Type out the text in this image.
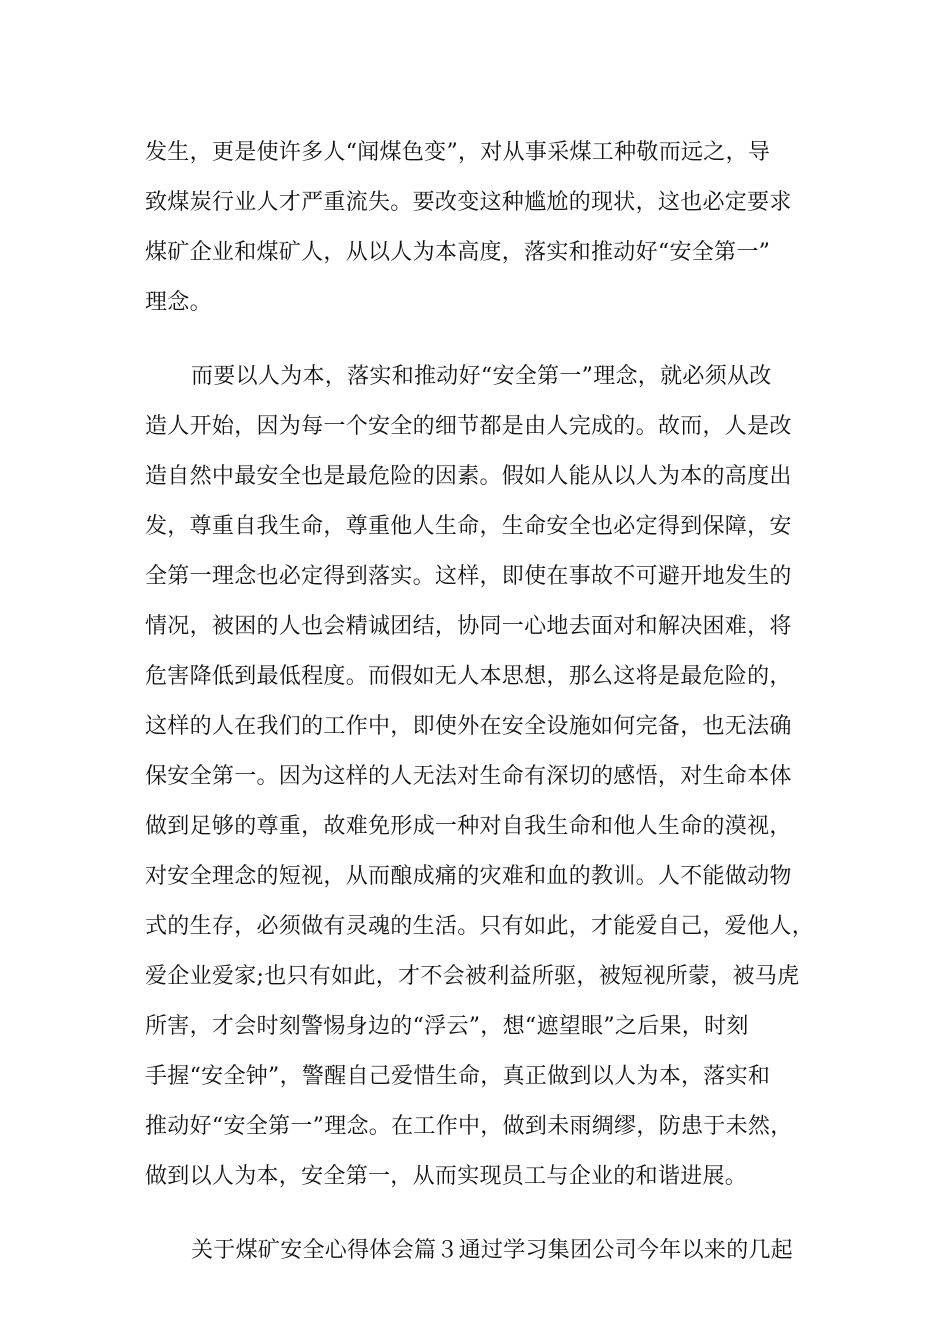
发生，更是使许多人“闻煤色变”，对从事采煤工种敬而远之，导
致煤炭行业人才严重流失。要改变这种尴尬的现状，这也必定要求
煤矿企业和煤矿人，从以人为本高度，落实和推动好“安全第一”
理念。
而要以人为本，落实和推动好“安全第一”理念，就必须从改
造人开始，因为每一个安全的细节都是由人完成的。故而，人是改
造自然中最安全也是最危险的因素。假如人能从以人为本的高度出
发，尊重自我生命，尊重他人生命，生命安全也必定得到保障，安
全第一理念也必定得到落实。这样，即使在事故不可避开地发生的
情况，被困的人也会精诚团结，协同一心地去面对和解决困难，将
危害降低到最低程度。而假如无人本思想，那么这将是最危险的，
这样的人在我们的工作中，即使外在安全设施如何完备，也无法确
保安全第一。因为这样的人无法对生命有深切的感悟，对生命本体
做到足够的尊重，故难免形成一种对自我生命和他人生命的漠视，
对安全理念的短视，从而酿成痛的灾难和血的教训。人不能做动物
式的生存，必须做有灵魂的生活。只有如此，才能爱自己，爱他人，
爱企业爱家;也只有如此，才不会被利益所驱，被短视所蒙，被马虎
所害，才会时刻警惕身边的“浮云”，想“遮望眼”之后果，时刻
手握“安全钟”，警醒自己爱惜生命，真正做到以人为本，落实和
推动好“安全第一”理念。在工作中，做到未雨绸缪，防患于未然，
做到以人为本，安全第一，从而实现员工与企业的和谐进展。
关于煤矿安全心得体会篇３通过学习集团公司今年以来的几起
